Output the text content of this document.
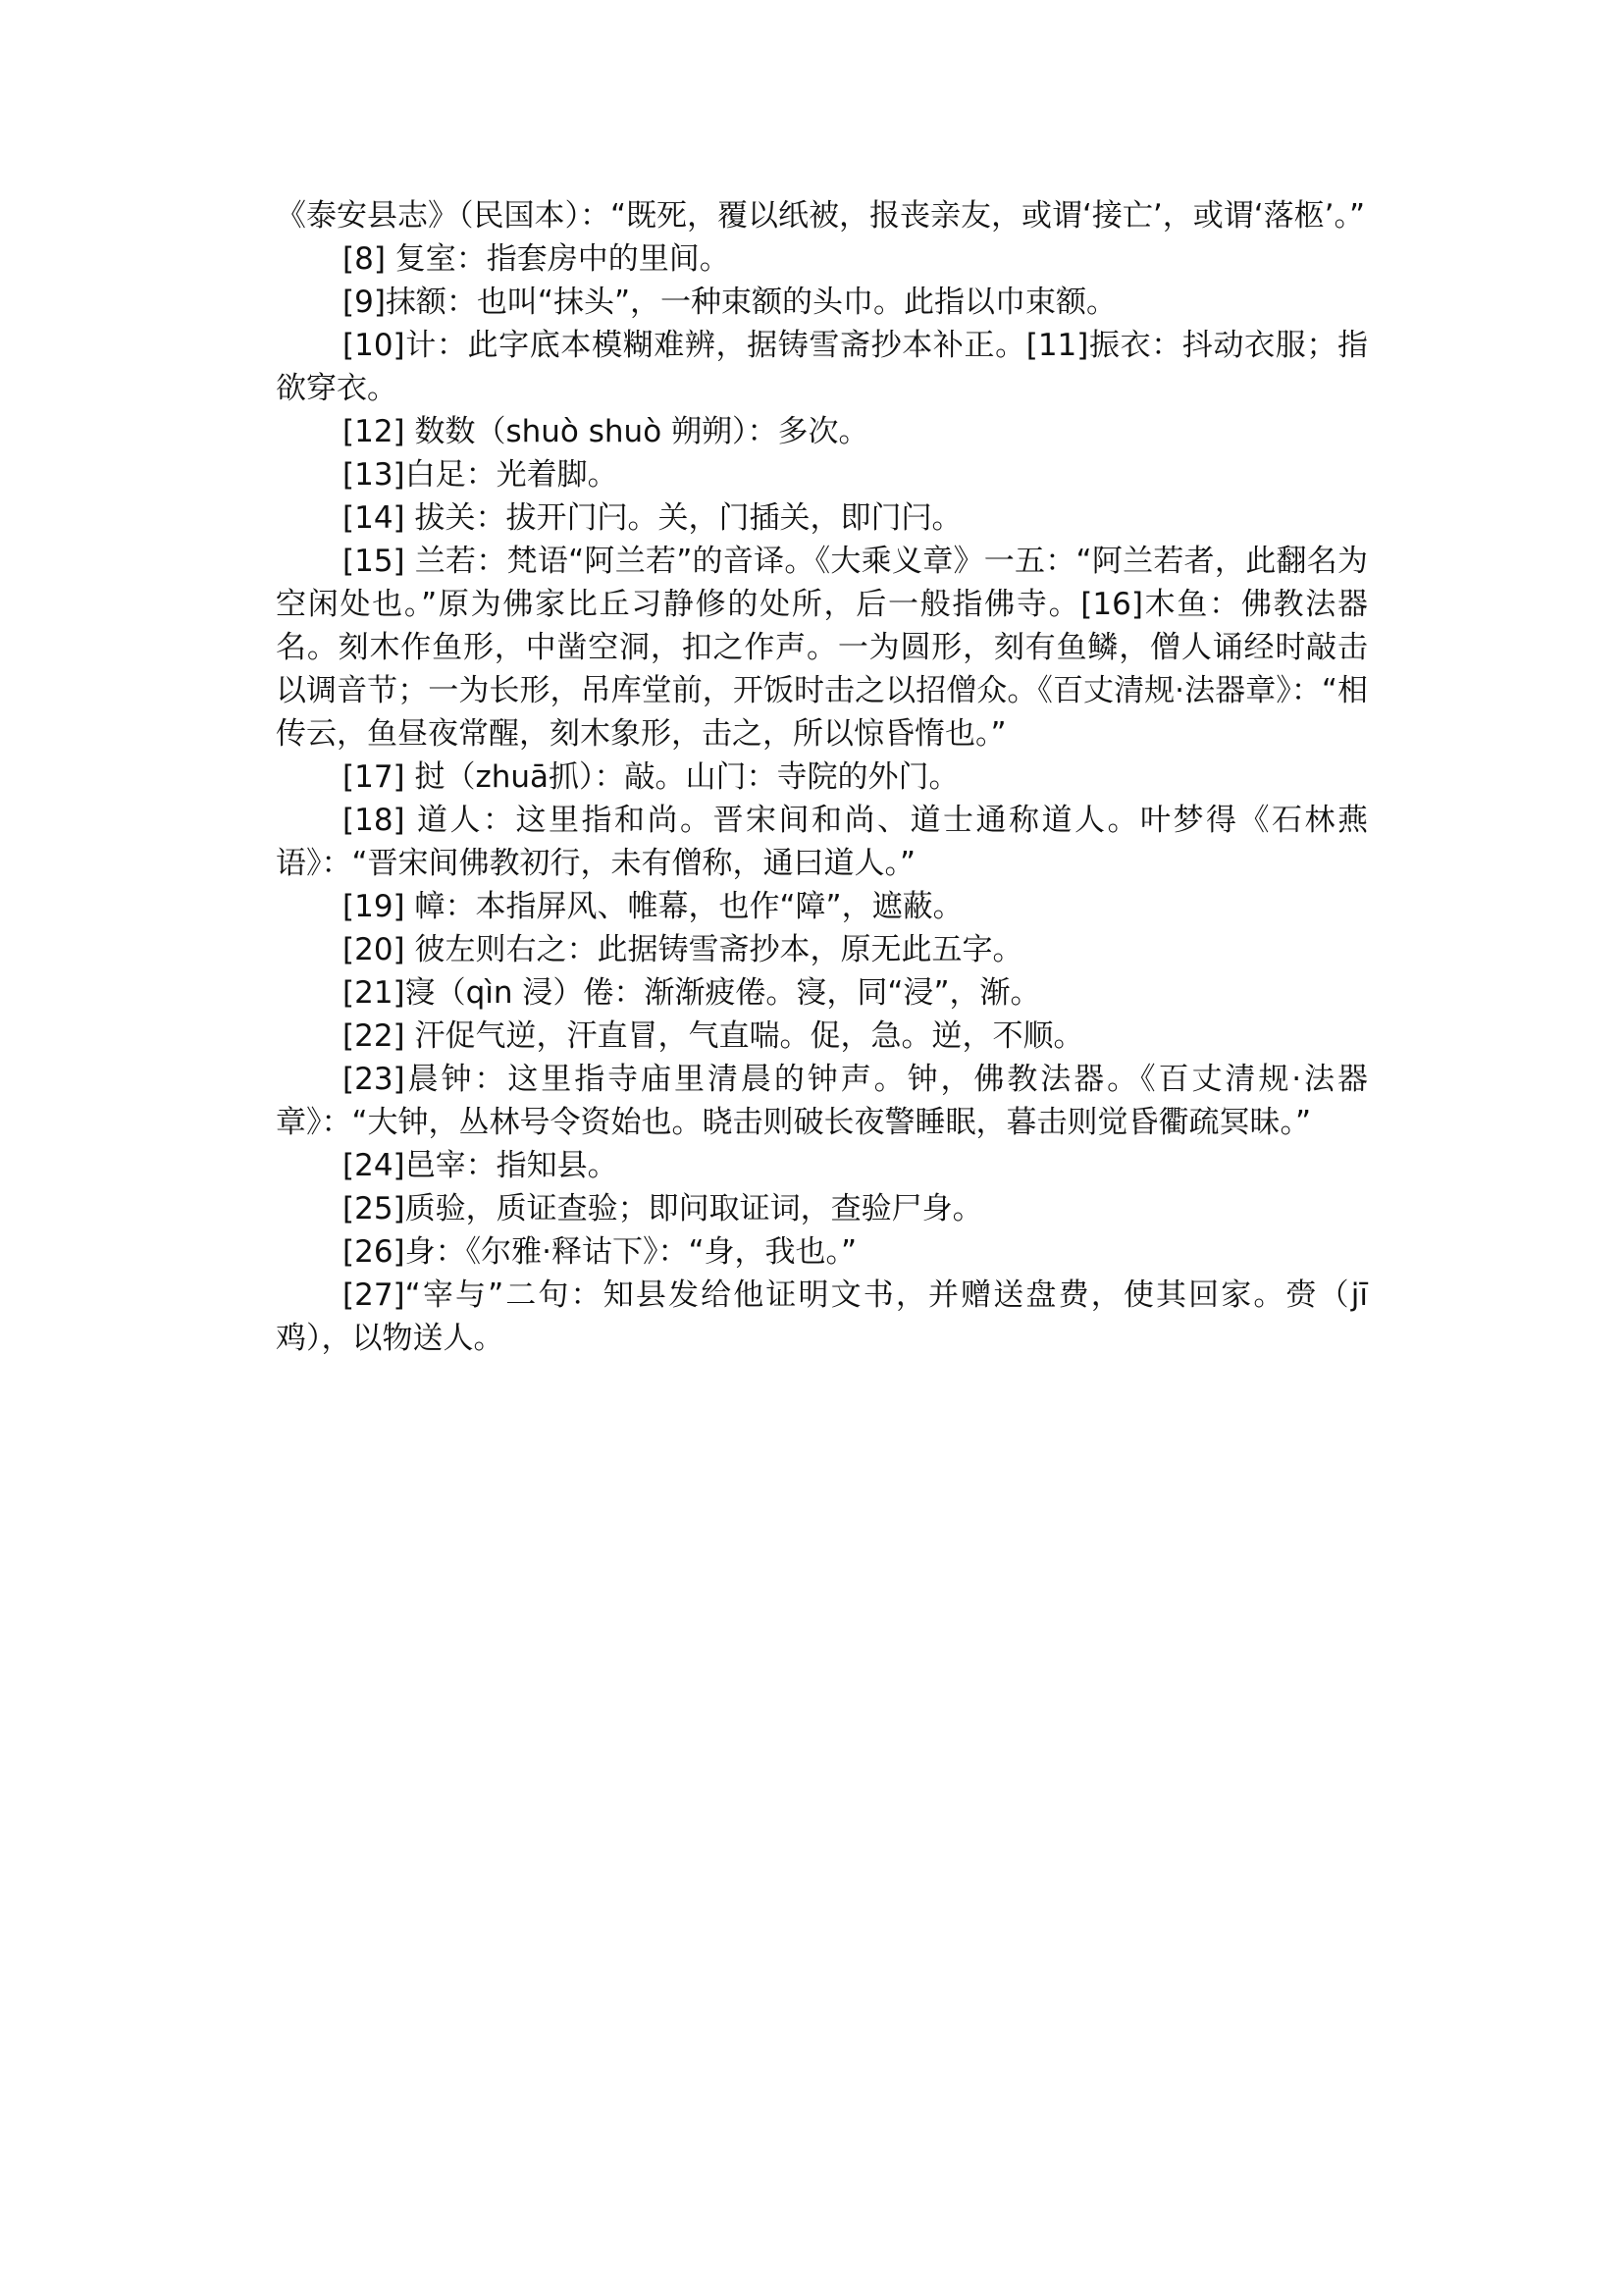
《泰安县志》（民国本）：“既死，覆以纸被，报丧亲友，或谓‘接亡’，或谓‘落柩’。”

[8] 复室：指套房中的里间。

[9]抹额：也叫“抹头”，一种束额的头巾。此指以巾束额。

[10]计：此字底本模糊难辨，据铸雪斋抄本补正。[11]振衣：抖动衣服；指欲穿衣。

[12] 数数（shuò shuò 朔朔）：多次。

[13]白足：光着脚。

[14] 拔关：拔开门闩。关，门插关，即门闩。

[15] 兰若：梵语“阿兰若”的音译。《大乘义章》一五：“阿兰若者，此翻名为空闲处也。”原为佛家比丘习静修的处所，后一般指佛寺。[16]木鱼：佛教法器名。刻木作鱼形，中凿空洞，扣之作声。一为圆形，刻有鱼鳞，僧人诵经时敲击以调音节；一为长形，吊库堂前，开饭时击之以招僧众。《百丈清规·法器章》：“相传云，鱼昼夜常醒，刻木象形，击之，所以惊昏惰也。”

[17] 挝（zhuā抓）：敲。山门：寺院的外门。

[18] 道人：这里指和尚。晋宋间和尚、道士通称道人。叶梦得《石林燕语》：“晋宋间佛教初行，未有僧称，通曰道人。”

[19] 幛：本指屏风、帷幕，也作“障”，遮蔽。

[20] 彼左则右之：此据铸雪斋抄本，原无此五字。

[21]寖（qìn 浸）倦：渐渐疲倦。寖，同“浸”，渐。

[22] 汗促气逆，汗直冒，气直喘。促，急。逆，不顺。

[23]晨钟：这里指寺庙里清晨的钟声。钟，佛教法器。《百丈清规·法器章》：“大钟，丛林号令资始也。晓击则破长夜警睡眠，暮击则觉昏衢疏冥昧。”

[24]邑宰：指知县。

[25]质验，质证查验；即问取证词，查验尸身。

[26]身：《尔雅·释诂下》：“身，我也。”

[27]“宰与”二句：知县发给他证明文书，并赠送盘费，使其回家。赍（jī鸡），以物送人。
